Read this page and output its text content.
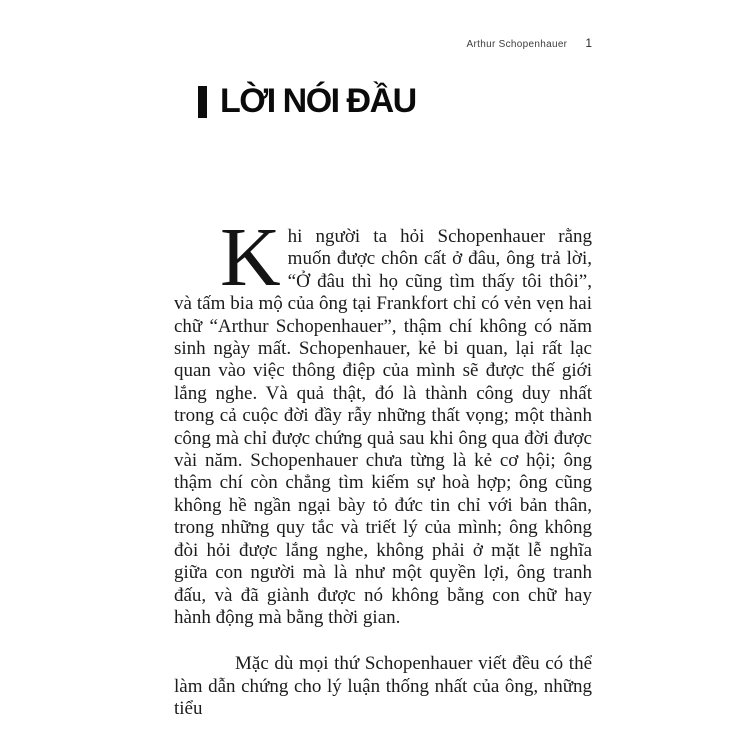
Arthur Schopenhauer 1
LỜI NÓI ĐẦU

Khi người ta hỏi Schopenhauer rằng muốn được chôn cất ở đâu, ông trả lời, “Ở đâu thì họ cũng tìm thấy tôi thôi”, và tấm bia mộ của ông tại Frankfort chỉ có vẻn vẹn hai chữ “Arthur Schopenhauer”, thậm chí không có năm sinh ngày mất. Schopenhauer, kẻ bi quan, lại rất lạc quan vào việc thông điệp của mình sẽ được thế giới lắng nghe. Và quả thật, đó là thành công duy nhất trong cả cuộc đời đầy rẫy những thất vọng; một thành công mà chỉ được chứng quả sau khi ông qua đời được vài năm. Schopenhauer chưa từng là kẻ cơ hội; ông thậm chí còn chẳng tìm kiếm sự hoà hợp; ông cũng không hề ngần ngại bày tỏ đức tin chỉ với bản thân, trong những quy tắc và triết lý của mình; ông không đòi hỏi được lắng nghe, không phải ở mặt lễ nghĩa giữa con người mà là như một quyền lợi, ông tranh đấu, và đã giành được nó không bằng con chữ hay hành động mà bằng thời gian.

Mặc dù mọi thứ Schopenhauer viết đều có thể làm dẫn chứng cho lý luận thống nhất của ông, những tiểu
